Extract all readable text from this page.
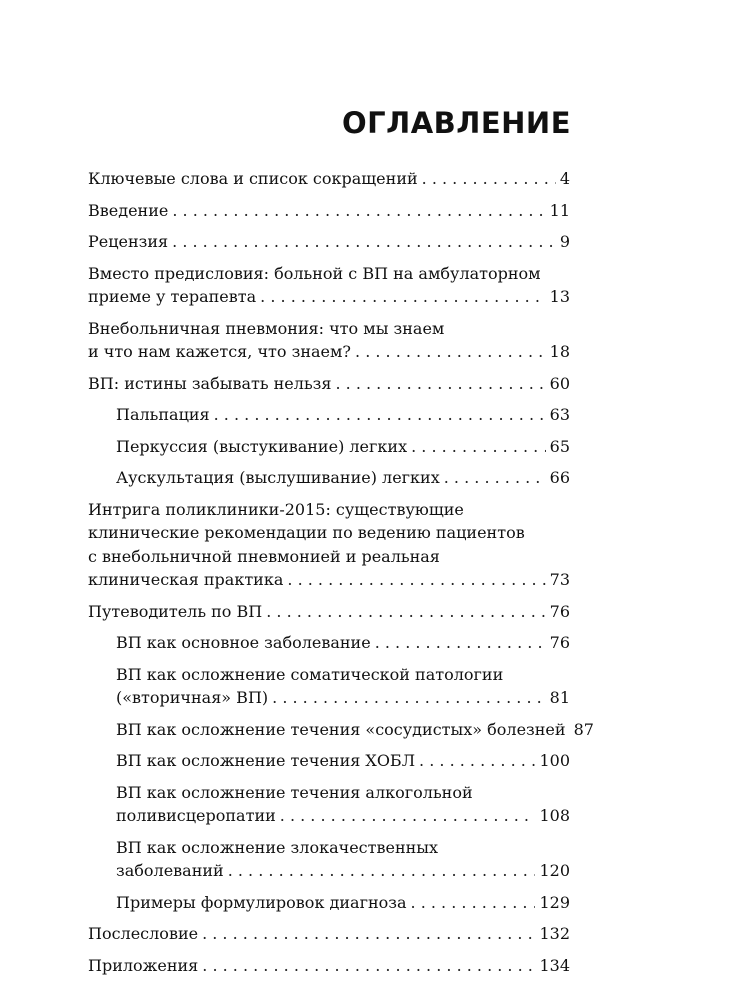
ОГЛАВЛЕНИЕ
Ключевые слова и список сокращений . . .	4
Введение . . .	11
Рецензия . . .	9
Вместо предисловия: больной с ВП на амбулаторном
приеме у терапевта . . .	13
Внебольничная пневмония: что мы знаем
и что нам кажется, что знаем? . . .	18
ВП: истины забывать нельзя . . .	60
Пальпация . . .	63
Перкуссия (выстукивание) легких . . .	65
Аускультация (выслушивание) легких . . .	66
Интрига поликлиники-2015: существующие
клинические рекомендации по ведению пациентов
с внебольничной пневмонией и реальная
клиническая практика . . .	73
Путеводитель по ВП . . .	76
ВП как основное заболевание . . .	76
ВП как осложнение соматической патологии
(«вторичная» ВП) . . .	81
ВП как осложнение течения «сосудистых» болезней 87
ВП как осложнение течения ХОБЛ . . .	100
ВП как осложнение течения алкогольной
поливисцеропатии . . .	108
ВП как осложнение злокачественных
заболеваний . . .	120
Примеры формулировок диагноза . . .	129
Послесловие . . .	132
Приложения . . .	134
